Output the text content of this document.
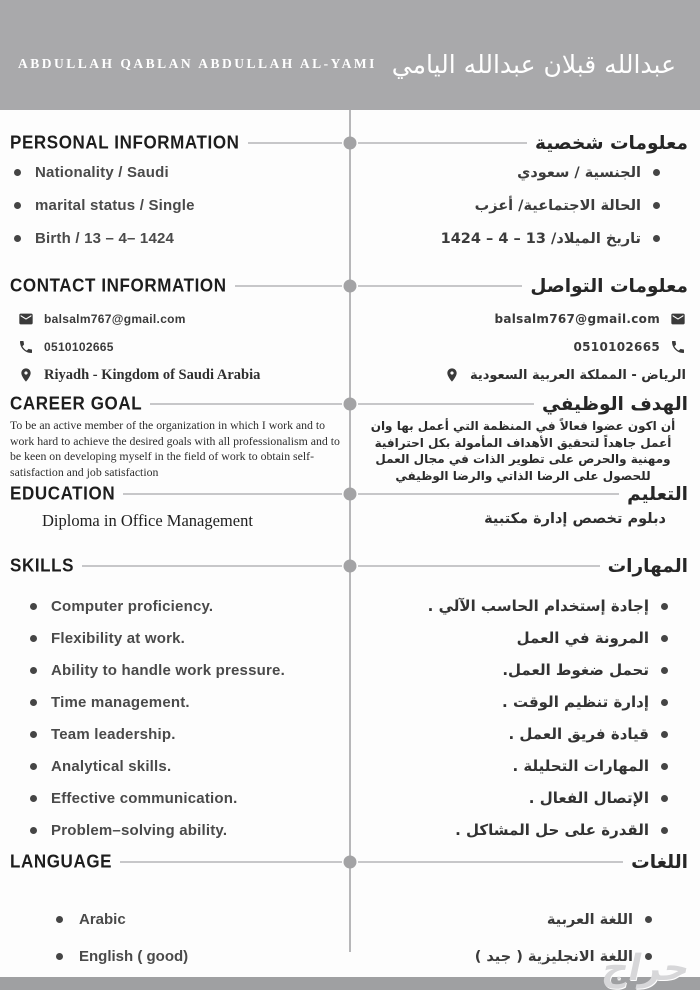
ABDULLAH QABLAN ABDULLAH AL-YAMI عبدالله قبلان عبدالله اليامي
PERSONAL INFORMATION	معلومات شخصية
Nationality / Saudi
marital status / Single
Birth / 13 – 4– 1424
الجنسية / سعودي
الحالة الاجتماعية/ أعزب
تاريخ الميلاد/ 13 – 4 – 1424
CONTACT INFORMATION	معلومات التواصل
balsalm767@gmail.com
0510102665
Riyadh - Kingdom of Saudi Arabia
balsalm767@gmail.com
0510102665
الرياض - المملكة العربية السعودية
CAREER GOAL	الهدف الوظيفي
To be an active member of the organization in which I work and to work hard to achieve the desired goals with all professionalism and to be keen on developing myself in the field of work to obtain self-satisfaction and job satisfaction
أن اكون عضوا فعالاً في المنظمة التي أعمل بها وان أعمل جاهداً لتحقيق الأهداف المأمولة بكل احترافية ومهنية والحرص على تطوير الذات في مجال العمل للحصول على الرضا الذاتي والرضا الوظيفي
EDUCATION	التعليم
Diploma in Office Management	دبلوم تخصص إدارة مكتبية
SKILLS	المهارات
Computer proficiency.
Flexibility at work.
Ability to handle work pressure.
Time management.
Team leadership.
Analytical skills.
Effective communication.
Problem–solving ability.
إجادة إستخدام الحاسب الآلي .
المرونة في العمل
تحمل ضغوط العمل.
إدارة تنظيم الوقت .
قيادة فريق العمل .
المهارات التحليلة .
الإتصال الفعال .
القدرة على حل المشاكل .
LANGUAGE	اللغات
Arabic
English ( good)
اللغة العربية
اللغة الانجليزية ( جيد )
حراج
